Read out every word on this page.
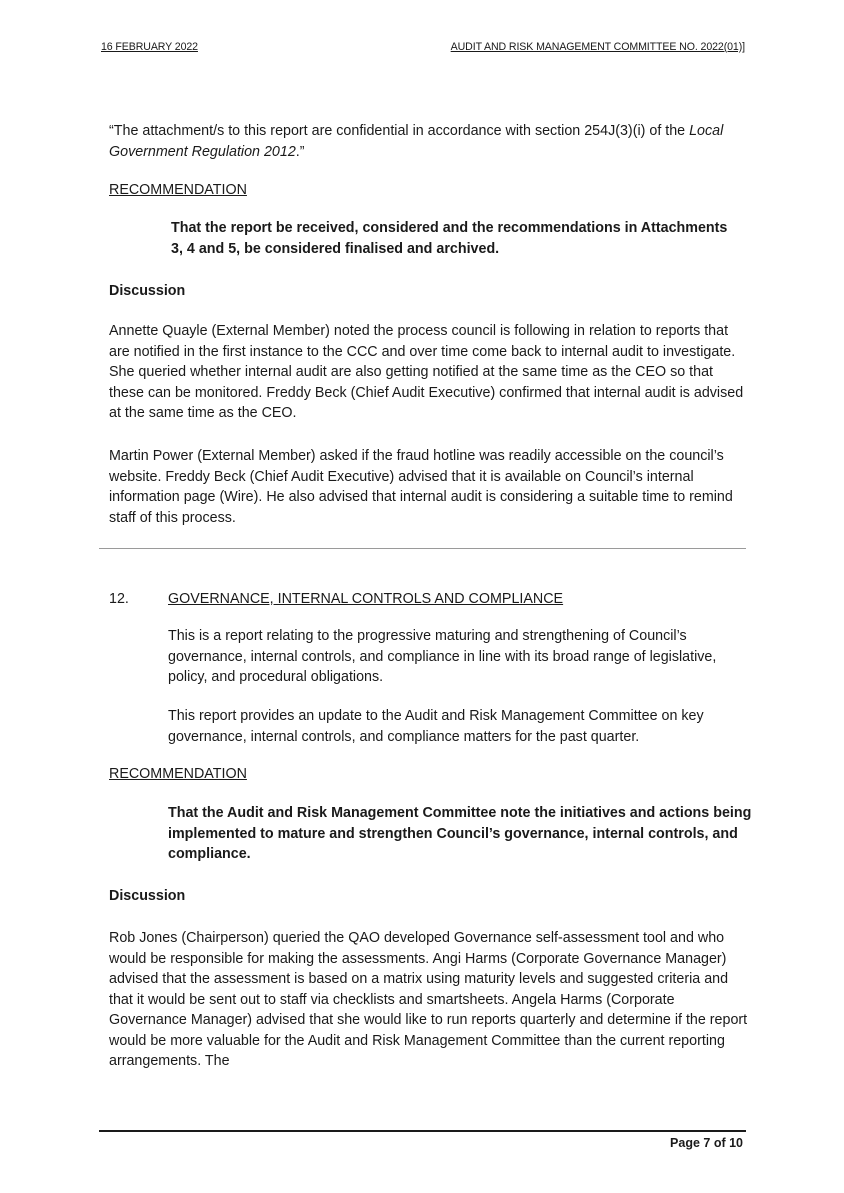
16 FEBRUARY 2022	AUDIT AND RISK MANAGEMENT COMMITTEE NO. 2022(01)]

“The attachment/s to this report are confidential in accordance with section 254J(3)(i) of the Local Government Regulation 2012.”

RECOMMENDATION

That the report be received, considered and the recommendations in Attachments 3, 4 and 5, be considered finalised and archived.

Discussion

Annette Quayle (External Member) noted the process council is following in relation to reports that are notified in the first instance to the CCC and over time come back to internal audit to investigate. She queried whether internal audit are also getting notified at the same time as the CEO so that these can be monitored. Freddy Beck (Chief Audit Executive) confirmed that internal audit is advised at the same time as the CEO.

Martin Power (External Member) asked if the fraud hotline was readily accessible on the council’s website. Freddy Beck (Chief Audit Executive) advised that it is available on Council’s internal information page (Wire). He also advised that internal audit is considering a suitable time to remind staff of this process.

12.	GOVERNANCE, INTERNAL CONTROLS AND COMPLIANCE

This is a report relating to the progressive maturing and strengthening of Council’s governance, internal controls, and compliance in line with its broad range of legislative, policy, and procedural obligations.

This report provides an update to the Audit and Risk Management Committee on key governance, internal controls, and compliance matters for the past quarter.

RECOMMENDATION

That the Audit and Risk Management Committee note the initiatives and actions being implemented to mature and strengthen Council’s governance, internal controls, and compliance.

Discussion

Rob Jones (Chairperson) queried the QAO developed Governance self-assessment tool and who would be responsible for making the assessments. Angi Harms (Corporate Governance Manager) advised that the assessment is based on a matrix using maturity levels and suggested criteria and that it would be sent out to staff via checklists and smartsheets. Angela Harms (Corporate Governance Manager) advised that she would like to run reports quarterly and determine if the report would be more valuable for the Audit and Risk Management Committee than the current reporting arrangements. The

Page 7 of 10
